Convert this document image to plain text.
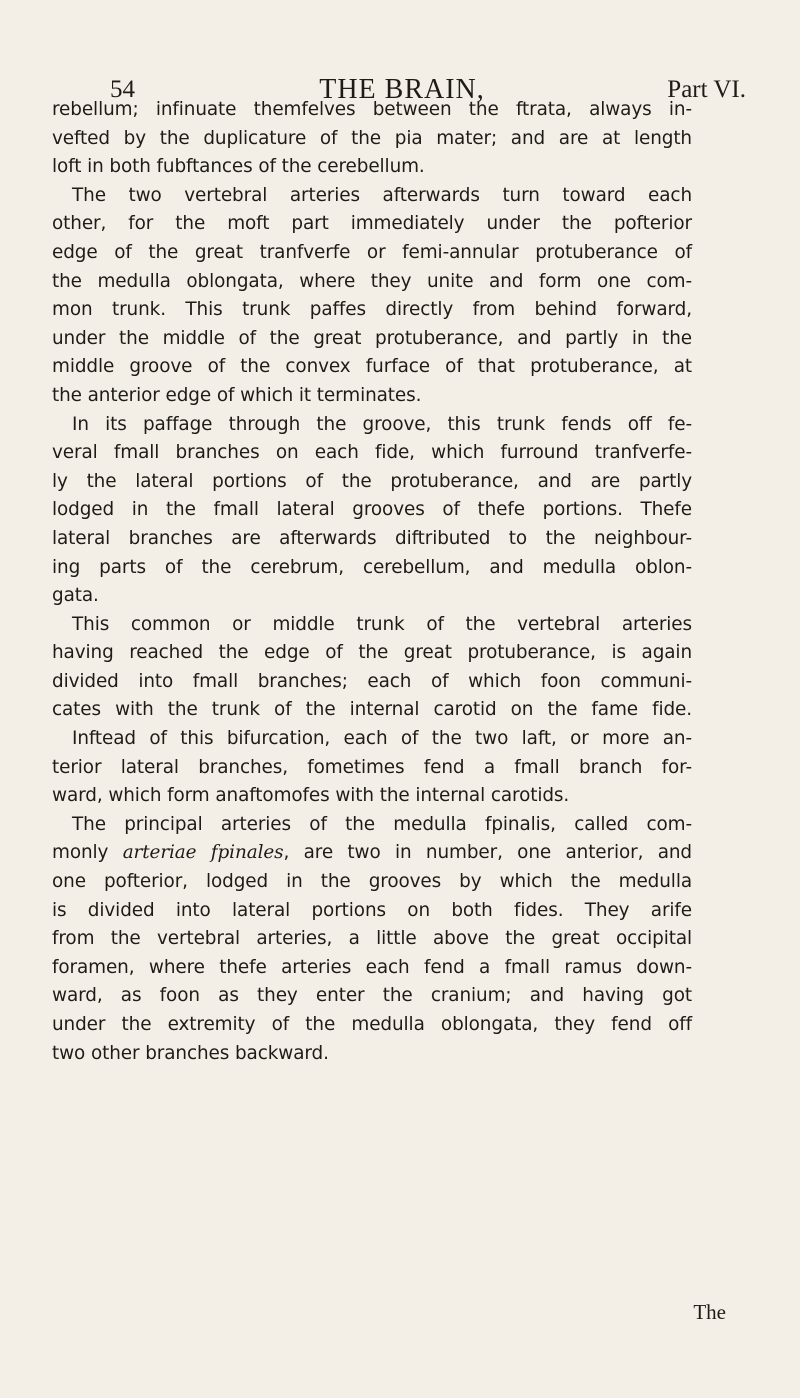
54	THE BRAIN,	Part VI.
rebellum; infinuate themfelves between the ftrata, always in-
vefted by the duplicature of the pia mater; and are at length
loft in both fubftances of the cerebellum.
The two vertebral arteries afterwards turn toward each
other, for the moft part immediately under the pofterior
edge of the great tranfverfe or femi-annular protuberance of
the medulla oblongata, where they unite and form one com-
mon trunk. This trunk paffes directly from behind forward,
under the middle of the great protuberance, and partly in the
middle groove of the convex furface of that protuberance, at
the anterior edge of which it terminates.
In its paffage through the groove, this trunk fends off fe-
veral fmall branches on each fide, which furround tranfverfe-
ly the lateral portions of the protuberance, and are partly
lodged in the fmall lateral grooves of thefe portions. Thefe
lateral branches are afterwards diftributed to the neighbour-
ing parts of the cerebrum, cerebellum, and medulla oblon-
gata.
This common or middle trunk of the vertebral arteries
having reached the edge of the great protuberance, is again
divided into fmall branches; each of which foon communi-
cates with the trunk of the internal carotid on the fame fide.
Inftead of this bifurcation, each of the two laft, or more an-
terior lateral branches, fometimes fend a fmall branch for-
ward, which form anaftomofes with the internal carotids.
The principal arteries of the medulla fpinalis, called com-
monly arteriae fpinales, are two in number, one anterior, and
one pofterior, lodged in the grooves by which the medulla
is divided into lateral portions on both fides. They arife
from the vertebral arteries, a little above the great occipital
foramen, where thefe arteries each fend a fmall ramus down-
ward, as foon as they enter the cranium; and having got
under the extremity of the medulla oblongata, they fend off
two other branches backward.
The
